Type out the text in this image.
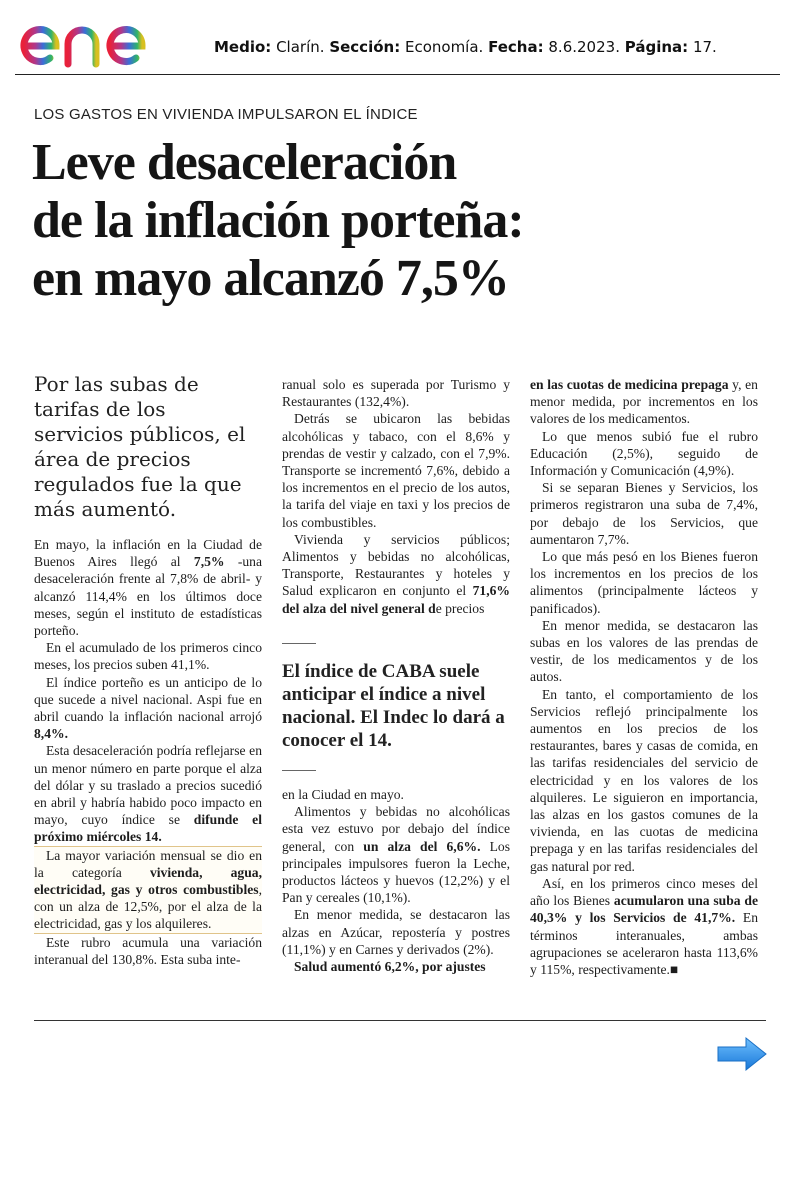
Medio: Clarín. Sección: Economía. Fecha: 8.6.2023. Página: 17.
LOS GASTOS EN VIVIENDA IMPULSARON EL ÍNDICE
Leve desaceleración
de la inflación porteña:
en mayo alcanzó 7,5%
Por las subas de tarifas de los servicios públicos, el área de precios regulados fue la que más aumentó.

En mayo, la inflación en la Ciudad de Buenos Aires llegó al 7,5% -una desaceleración frente al 7,8% de abril- y alcanzó 114,4% en los últimos doce meses, según el instituto de estadísticas porteño.

En el acumulado de los primeros cinco meses, los precios suben 41,1%.

El índice porteño es un anticipo de lo que sucede a nivel nacional. Aspi fue en abril cuando la inflación nacional arrojó 8,4%.

Esta desaceleración podría reflejarse en un menor número en parte porque el alza del dólar y su traslado a precios sucedió en abril y habría habido poco impacto en mayo, cuyo índice se difunde el próximo miércoles 14.

La mayor variación mensual se dio en la categoría vivienda, agua, electricidad, gas y otros combustibles, con un alza de 12,5%, por el alza de la electricidad, gas y los alquileres.

Este rubro acumula una variación interanual del 130,8%. Esta suba inte-

ranual solo es superada por Turismo y Restaurantes (132,4%).

Detrás se ubicaron las bebidas alcohólicas y tabaco, con el 8,6% y prendas de vestir y calzado, con el 7,9%. Transporte se incrementó 7,6%, debido a los incrementos en el precio de los autos, la tarifa del viaje en taxi y los precios de los combustibles.

Vivienda y servicios públicos; Alimentos y bebidas no alcohólicas, Transporte, Restaurantes y hoteles y Salud explicaron en conjunto el 71,6% del alza del nivel general de precios

El índice de CABA suele anticipar el índice a nivel nacional. El Indec lo dará a conocer el 14.

en la Ciudad en mayo.

Alimentos y bebidas no alcohólicas esta vez estuvo por debajo del índice general, con un alza del 6,6%. Los principales impulsores fueron la Leche, productos lácteos y huevos (12,2%) y el Pan y cereales (10,1%).

En menor medida, se destacaron las alzas en Azúcar, repostería y postres (11,1%) y en Carnes y derivados (2%).

Salud aumentó 6,2%, por ajustes

en las cuotas de medicina prepaga y, en menor medida, por incrementos en los valores de los medicamentos.

Lo que menos subió fue el rubro Educación (2,5%), seguido de Información y Comunicación (4,9%).

Si se separan Bienes y Servicios, los primeros registraron una suba de 7,4%, por debajo de los Servicios, que aumentaron 7,7%.

Lo que más pesó en los Bienes fueron los incrementos en los precios de los alimentos (principalmente lácteos y panificados).

En menor medida, se destacaron las subas en los valores de las prendas de vestir, de los medicamentos y de los autos.

En tanto, el comportamiento de los Servicios reflejó principalmente los aumentos en los precios de los restaurantes, bares y casas de comida, en las tarifas residenciales del servicio de electricidad y en los valores de los alquileres. Le siguieron en importancia, las alzas en los gastos comunes de la vivienda, en las cuotas de medicina prepaga y en las tarifas residenciales del gas natural por red.

Así, en los primeros cinco meses del año los Bienes acumularon una suba de 40,3% y los Servicios de 41,7%. En términos interanuales, ambas agrupaciones se aceleraron hasta 113,6% y 115%, respectivamente.■
